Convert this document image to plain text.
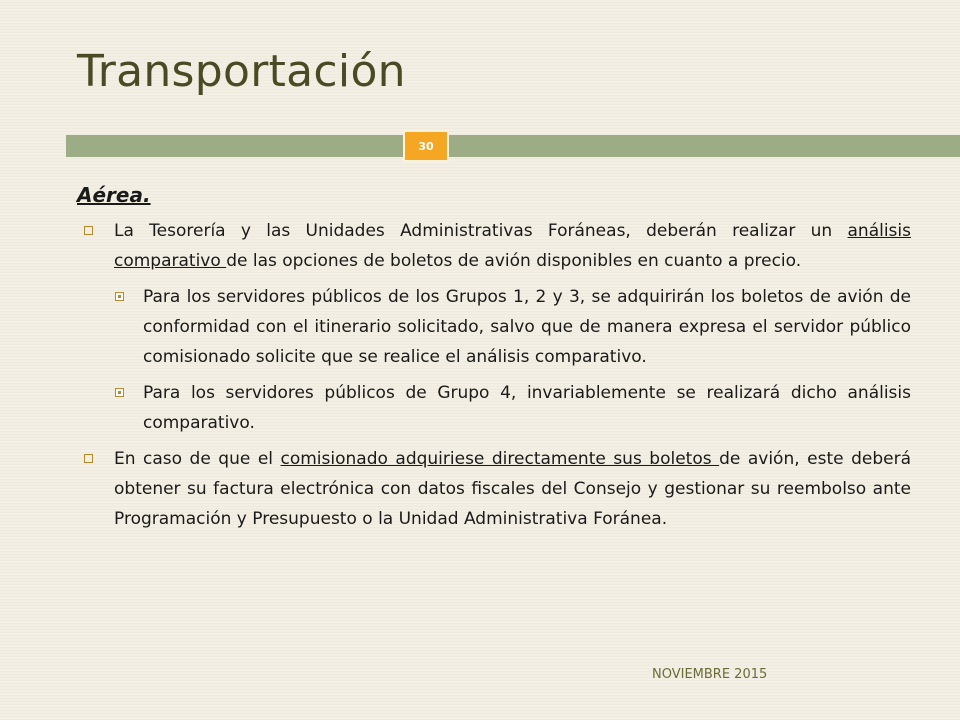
Transportación
30
Aérea.
La Tesorería y las Unidades Administrativas Foráneas, deberán realizar un análisis comparativo de las opciones de boletos de avión disponibles en cuanto a precio.
Para los servidores públicos de los Grupos 1, 2 y 3, se adquirirán los boletos de avión de conformidad con el itinerario solicitado, salvo que de manera expresa el servidor público comisionado solicite que se realice el análisis comparativo.
Para los servidores públicos de Grupo 4, invariablemente se realizará dicho análisis comparativo.
En caso de que el comisionado adquiriese directamente sus boletos de avión, este deberá obtener su factura electrónica con datos fiscales del Consejo y gestionar su reembolso ante Programación y Presupuesto o la Unidad Administrativa Foránea.
NOVIEMBRE 2015
